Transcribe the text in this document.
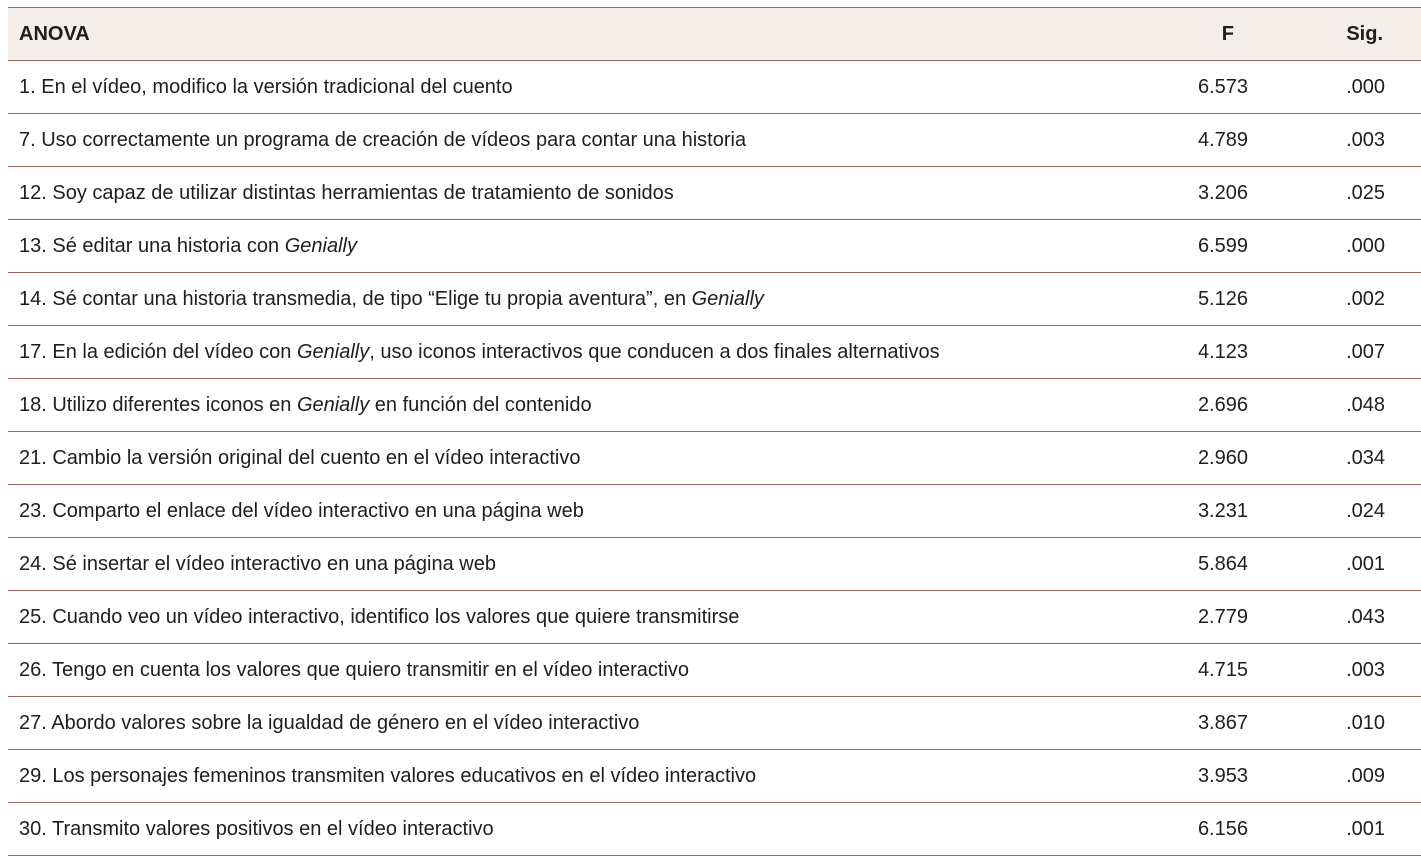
ANOVA	F	Sig.
1. En el vídeo, modifico la versión tradicional del cuento	6.573	.000
7. Uso correctamente un programa de creación de vídeos para contar una historia	4.789	.003
12. Soy capaz de utilizar distintas herramientas de tratamiento de sonidos	3.206	.025
13. Sé editar una historia con Genially	6.599	.000
14. Sé contar una historia transmedia, de tipo “Elige tu propia aventura”, en Genially	5.126	.002
17. En la edición del vídeo con Genially, uso iconos interactivos que conducen a dos finales alternativos	4.123	.007
18. Utilizo diferentes iconos en Genially en función del contenido	2.696	.048
21. Cambio la versión original del cuento en el vídeo interactivo	2.960	.034
23. Comparto el enlace del vídeo interactivo en una página web	3.231	.024
24. Sé insertar el vídeo interactivo en una página web	5.864	.001
25. Cuando veo un vídeo interactivo, identifico los valores que quiere transmitirse	2.779	.043
26. Tengo en cuenta los valores que quiero transmitir en el vídeo interactivo	4.715	.003
27. Abordo valores sobre la igualdad de género en el vídeo interactivo	3.867	.010
29. Los personajes femeninos transmiten valores educativos en el vídeo interactivo	3.953	.009
30. Transmito valores positivos en el vídeo interactivo	6.156	.001
